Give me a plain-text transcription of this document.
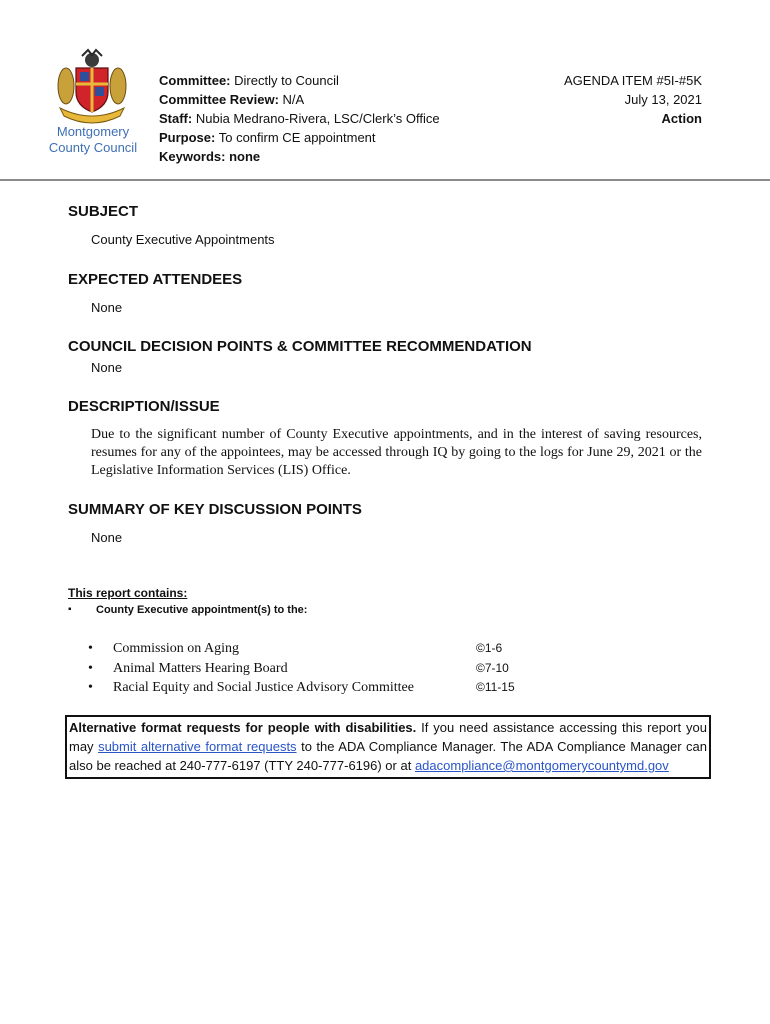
Montgomery
County Council
Committee: Directly to Council
Committee Review: N/A
Staff: Nubia Medrano-Rivera, LSC/Clerk’s Office
Purpose: To confirm CE appointment
Keywords: none
AGENDA ITEM #5I-#5K
July 13, 2021
Action
SUBJECT
County Executive Appointments
EXPECTED ATTENDEES
None
COUNCIL DECISION POINTS & COMMITTEE RECOMMENDATION
None
DESCRIPTION/ISSUE
Due to the significant number of County Executive appointments, and in the interest of saving resources, resumes for any of the appointees, may be accessed through IQ by going to the logs for June 29, 2021 or the Legislative Information Services (LIS) Office.
SUMMARY OF KEY DISCUSSION POINTS
None
This report contains:
▪ County Executive appointment(s) to the:
• Commission on Aging	©1-6
• Animal Matters Hearing Board	©7-10
• Racial Equity and Social Justice Advisory Committee	©11-15
Alternative format requests for people with disabilities. If you need assistance accessing this report you may submit alternative format requests to the ADA Compliance Manager. The ADA Compliance Manager can also be reached at 240-777-6197 (TTY 240-777-6196) or at adacompliance@montgomerycountymd.gov
